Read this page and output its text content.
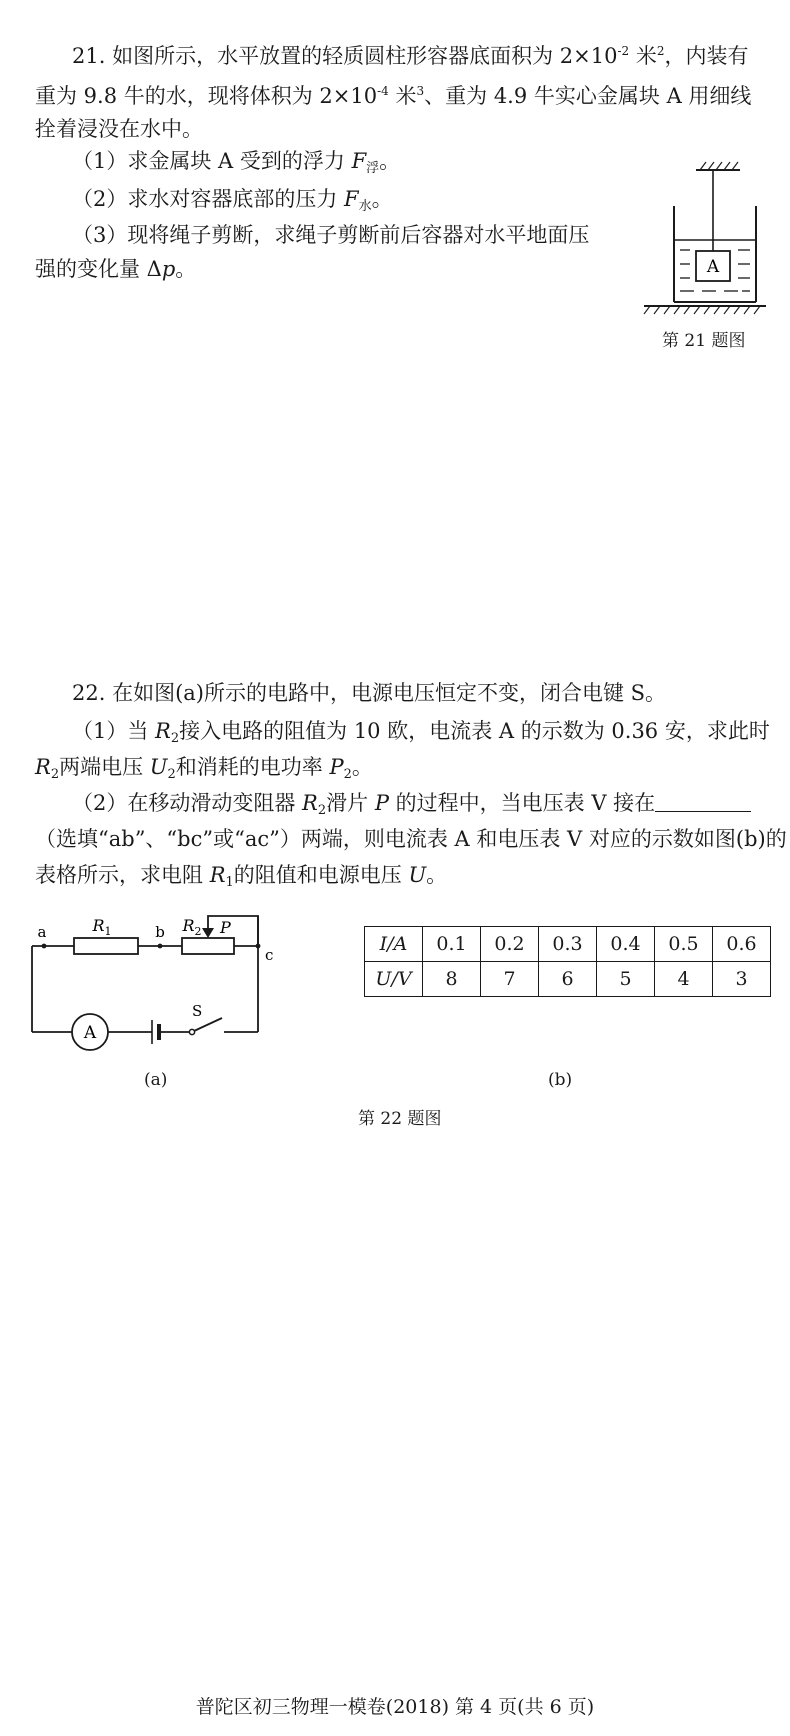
21. 如图所示，水平放置的轻质圆柱形容器底面积为 $2\times 10^{-2}$ 米$^2$，内装有
重为 9.8 牛的水，现将体积为 $2\times 10^{-4}$ 米$^3$、重为 4.9 牛实心金属块 A 用细线
拴着浸没在水中。
（1）求金属块 A 受到的浮力 $F_浮$。
（2）求水对容器底部的压力 $F_水$。
（3）现将绳子剪断，求绳子剪断前后容器对水平地面压
强的变化量 Δp。	A
第 21 题图
22. 在如图(a)所示的电路中，电源电压恒定不变，闭合电键 S。
（1）当 $R_2$接入电路的阻值为 10 欧，电流表 A 的示数为 0.36 安，求此时
$R_2$两端电压 $U_2$和消耗的电功率 $P_2$。
（2）在移动滑动变阻器 $R_2$滑片 P 的过程中，当电压表 V 接在
（选填“ab”、“bc”或“ac”）两端，则电流表 A 和电压表 V 对应的示数如图(b)的
表格所示，求电阻 $R_1$的阻值和电源电压 U。
a	$R_1$	b $R_2$ P
c
A
S
(a)
I/A	0.1	0.2	0.3	0.4	0.5	0.6
U/V	8	7	6	5	4	3
(b)
第 22 题图
普陀区初三物理一模卷(2018) 第 4 页(共 6 页)
